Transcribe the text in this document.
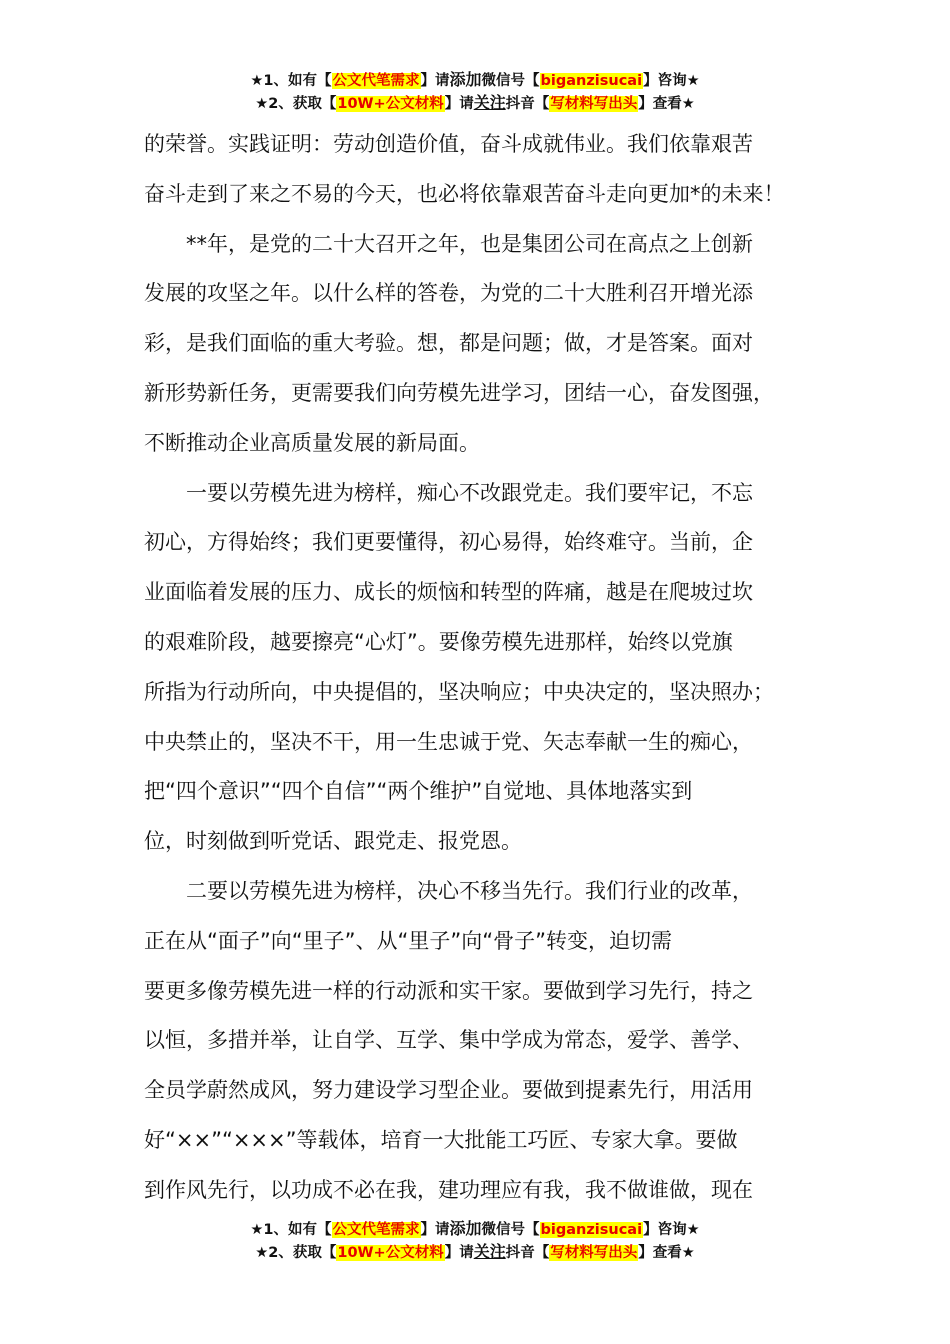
★1、如有【公文代笔需求】请添加微信号【biganzisucai】咨询★
★2、获取【10W+公文材料】请关注抖音【写材料写出头】查看★
的荣誉。实践证明：劳动创造价值，奋斗成就伟业。我们依靠艰苦
奋斗走到了来之不易的今天，也必将依靠艰苦奋斗走向更加*的未来！
**年，是党的二十大召开之年，也是集团公司在高点之上创新
发展的攻坚之年。以什么样的答卷，为党的二十大胜利召开增光添
彩，是我们面临的重大考验。想，都是问题；做，才是答案。面对
新形势新任务，更需要我们向劳模先进学习，团结一心，奋发图强，
不断推动企业高质量发展的新局面。
一要以劳模先进为榜样，痴心不改跟党走。我们要牢记，不忘
初心，方得始终；我们更要懂得，初心易得，始终难守。当前，企
业面临着发展的压力、成长的烦恼和转型的阵痛，越是在爬坡过坎
的艰难阶段，越要擦亮“心灯”。要像劳模先进那样，始终以党旗
所指为行动所向，中央提倡的，坚决响应；中央决定的，坚决照办；
中央禁止的，坚决不干，用一生忠诚于党、矢志奉献一生的痴心，
把“四个意识”“四个自信”“两个维护”自觉地、具体地落实到
位，时刻做到听党话、跟党走、报党恩。
二要以劳模先进为榜样，决心不移当先行。我们行业的改革，
正在从“面子”向“里子”、从“里子”向“骨子”转变，迫切需
要更多像劳模先进一样的行动派和实干家。要做到学习先行，持之
以恒，多措并举，让自学、互学、集中学成为常态，爱学、善学、
全员学蔚然成风，努力建设学习型企业。要做到提素先行，用活用
好“××”“×××”等载体，培育一大批能工巧匠、专家大拿。要做
到作风先行，以功成不必在我，建功理应有我，我不做谁做，现在
★1、如有【公文代笔需求】请添加微信号【biganzisucai】咨询★
★2、获取【10W+公文材料】请关注抖音【写材料写出头】查看★
